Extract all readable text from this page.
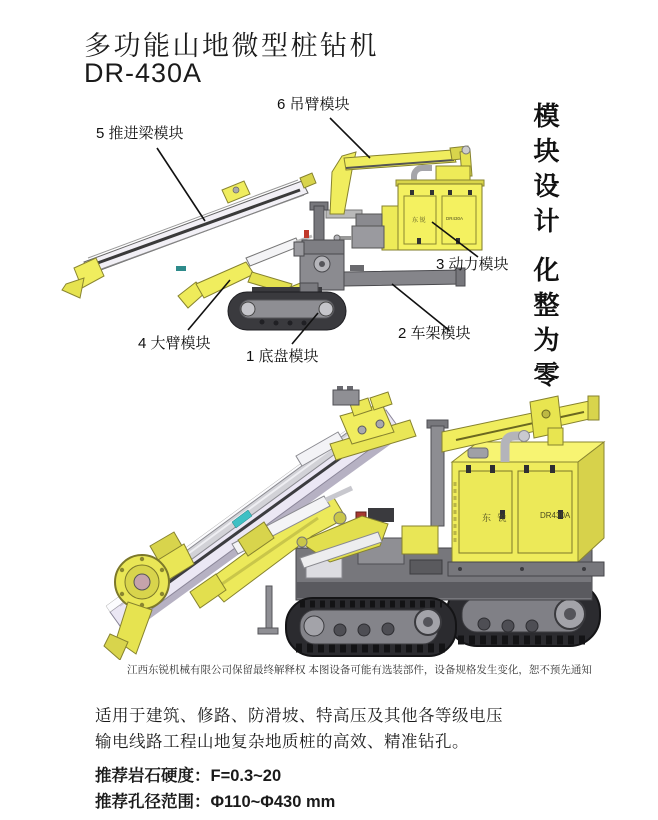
多功能山地微型桩钻机
DR-430A
东 锐	DR430A
5 推进梁模块
6 吊臂模块
3 动力模块
2 车架模块
4 大臂模块
1 底盘模块
模块设计
化整为零
东 锐	DR430A
江西东锐机械有限公司保留最终解释权 本图设备可能有选装部件，设备规格发生变化，恕不预先通知
适用于建筑、修路、防滑坡、特高压及其他各等级电压
输电线路工程山地复杂地质桩的高效、精准钻孔。
推荐岩石硬度：F=0.3~20
推荐孔径范围：Φ110~Φ430 mm
